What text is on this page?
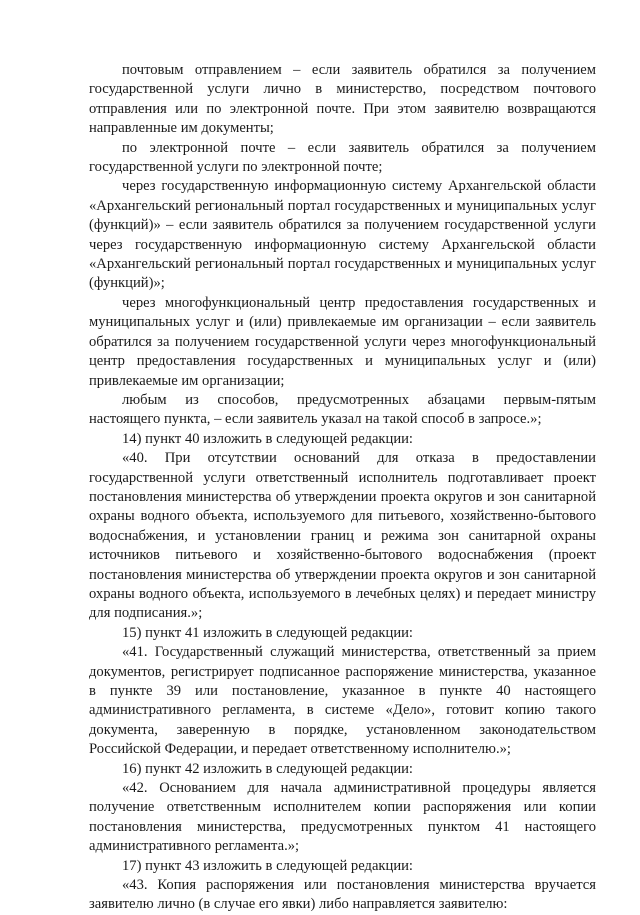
почтовым отправлением – если заявитель обратился за получением государственной услуги лично в министерство, посредством почтового отправления или по электронной почте. При этом заявителю возвращаются направленные им документы;

по электронной почте – если заявитель обратился за получением государственной услуги по электронной почте;

через государственную информационную систему Архангельской области «Архангельский региональный портал государственных и муниципальных услуг (функций)» – если заявитель обратился за получением государственной услуги через государственную информационную систему Архангельской области «Архангельский региональный портал государственных и муниципальных услуг (функций)»;

через многофункциональный центр предоставления государственных и муниципальных услуг и (или) привлекаемые им организации – если заявитель обратился за получением государственной услуги через многофункциональный центр предоставления государственных и муниципальных услуг и (или) привлекаемые им организации;

любым из способов, предусмотренных абзацами первым-пятым настоящего пункта, – если заявитель указал на такой способ в запросе.»;

14) пункт 40 изложить в следующей редакции:

«40. При отсутствии оснований для отказа в предоставлении государственной услуги ответственный исполнитель подготавливает проект постановления министерства об утверждении проекта округов и зон санитарной охраны водного объекта, используемого для питьевого, хозяйственно-бытового водоснабжения, и установлении границ и режима зон санитарной охраны источников питьевого и хозяйственно-бытового водоснабжения (проект постановления министерства об утверждении проекта округов и зон санитарной охраны водного объекта, используемого в лечебных целях) и передает министру для подписания.»;

15) пункт 41 изложить в следующей редакции:

«41. Государственный служащий министерства, ответственный за прием документов, регистрирует подписанное распоряжение министерства, указанное в пункте 39 или постановление, указанное в пункте 40 настоящего административного регламента, в системе «Дело», готовит копию такого документа, заверенную в порядке, установленном законодательством Российской Федерации, и передает ответственному исполнителю.»;

16) пункт 42 изложить в следующей редакции:

«42. Основанием для начала административной процедуры является получение ответственным исполнителем копии распоряжения или копии постановления министерства, предусмотренных пунктом 41 настоящего административного регламента.»;

17) пункт 43 изложить в следующей редакции:

«43. Копия распоряжения или постановления министерства вручается заявителю лично (в случае его явки) либо направляется заявителю:
